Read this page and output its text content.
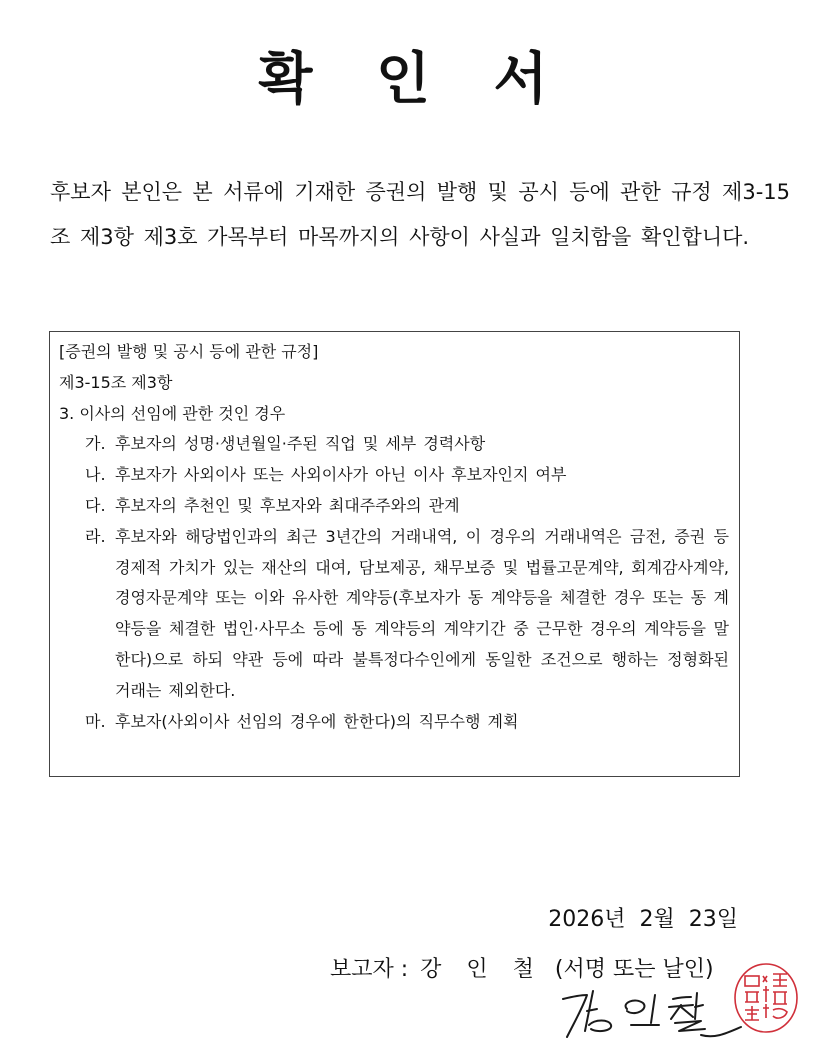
확 인 서
후보자 본인은 본 서류에 기재한 증권의 발행 및 공시 등에 관한 규정 제3-15조 제3항 제3호 가목부터 마목까지의 사항이 사실과 일치함을 확인합니다.
[증권의 발행 및 공시 등에 관한 규정]
제3-15조 제3항
3. 이사의 선임에 관한 것인 경우
가. 후보자의 성명·생년월일·주된 직업 및 세부 경력사항
나. 후보자가 사외이사 또는 사외이사가 아닌 이사 후보자인지 여부
다. 후보자의 추천인 및 후보자와 최대주주와의 관계
라. 후보자와 해당법인과의 최근 3년간의 거래내역, 이 경우의 거래내역은 금전, 증권 등 경제적 가치가 있는 재산의 대여, 담보제공, 채무보증 및 법률고문계약, 회계감사계약, 경영자문계약 또는 이와 유사한 계약등(후보자가 동 계약등을 체결한 경우 또는 동 계약등을 체결한 법인·사무소 등에 동 계약등의 계약기간 중 근무한 경우의 계약등을 말한다)으로 하되 약관 등에 따라 불특정다수인에게 동일한 조건으로 행하는 정형화된 거래는 제외한다.
마. 후보자(사외이사 선임의 경우에 한한다)의 직무수행 계획
2026년 2월 23일
보고자 : 강 인 철 (서명 또는 날인)
